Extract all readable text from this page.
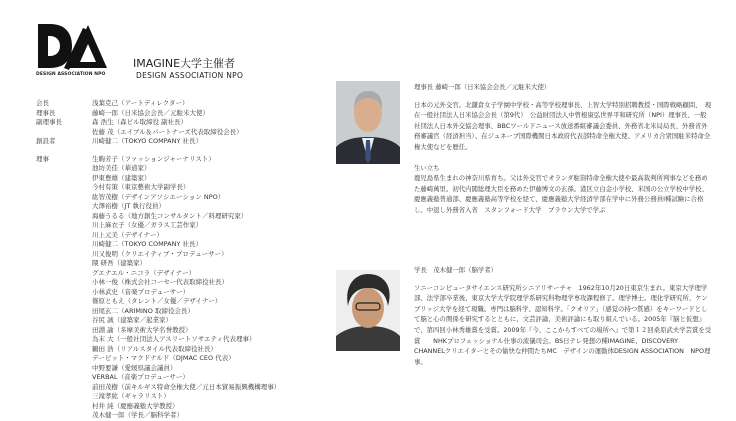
DESIGN ASSOCIATION NPO
IMAGINE大学主催者
DESIGN ASSOCIATION NPO
会長	浅葉克己（アートディレクター）
理事長	藤崎一郎（日米協会会長／元駐米大使）
副理事長	森 浩生（森ビル取締役 副社長）
佐藤 茂（エイブル＆パートナーズ代表取締役会長）
創設者	川崎健二（TOKYO COMPANY 社長）
理事	生駒芳子（ファッションジャーナリスト）
池坊美佳（華道家）
伊東豊雄（建築家）
今村有策（東京藝術大学副学長）
紘智茂樹（デザインアソシエーション NPO）
大澤裕樹（JT 執行役員）
海藤うるる（地方創生コンサルタント／料理研究家）
川上麻衣子（女優／ガラス工芸作家）
川上元美（デザイナー）
川崎健二（TOKYO COMPANY 社長）
川又俊明（クリエイティブ・プロデューサー）
隈 研吾（建築家）
グエナエル・ニコラ（デザイナー）
小林一俊（株式会社コーセー代表取締役社長）
小林武史（音楽プロデューサー）
篠原ともえ（タレント／女優／デザイナー）
田尾玄二（ARIMINO 取締役会長）
谷尻 誠（建築家／起業家）
田淵 諭（多摩美術大学名誉教授）
為末 大（一般社団法人アスリートソサエティ代表理事）
鶴田 浩（リアルスタイル代表取締役社長）
デービット・マクドナルド（DJMAC CEO 代表）
中野要謙（愛媛県議会議員）
VERBAL（音楽プロデューサー）
前田茂樹（前キルギス特命全権大使／元日本貿易振興機構理事）
三滝孝紘（ギャラリスト）
村井 純（慶應義塾大学教授）
茂木健一郎（学長／脳科学者）
理事長 藤崎一郎（日米協会会長／元駐米大使）

日本の元外交官。北鎌倉女子学園中学校・高等学校理事長、上智大学特別招聘教授・国際戦略顧問、　現在一般社団法人日米協会会長（第9代）　公益財団法人中曽根康弘世界平和研究所（NPI）理事長、一般社団法人日本外交協会理事、BBCワールドニュース放送番組審議会委員、外務省北米局局長、外務省外務審議官（経済担当）、在ジュネーブ国際機関日本政府代表部特命全権大使、アメリカ合衆国駐米特命全権大使などを歴任。

生い立ち

鹿児島県生まれの神奈川県育ち。父は外交官でオランダ駐箚特命全権大使や最高裁判所判事などを務めた藤崎萬里。初代内閣総理大臣を務めた伊藤博文の玄孫。港区立白金小学校、米国の公立学校中学校、慶應義塾普通部、慶應義塾高等学校を経て、慶應義塾大学経済学部在学中に外務公務員I種試験に合格し、中退し外務省入省　スタンフォード大学　ブラウン大学で学ぶ

学長　茂木健一郎（脳学者）

ソニーコンピュータサイエンス研究所シニアリサーチャ　1962年10月20日東京生まれ。東京大学理学部、法学部卒業後、東京大学大学院理学系研究科物理学専攻課程修了。理学博士。理化学研究所、ケンブリッジ大学を経て現職。専門は脳科学、認知科学。「クオリア」（感覚の持つ質感）をキーワードとして脳と心の関係を研究するとともに、文芸評論、美術評論にも取り組んでいる。2005年『脳と仮想』で、第四回小林秀雄賞を受賞。2009年『今、ここからすべての場所へ』で第１２回桑原武夫学芸賞を受賞　　NHKプロフェッショナル仕事の流儀司会。BS日テレ発想の種IMAGINE、DISCOVERY　CHANNELクリエイターとその愉快な仲間たちMC　デザインの運動体DESIGN ASSOCIATION　NPO理事。
